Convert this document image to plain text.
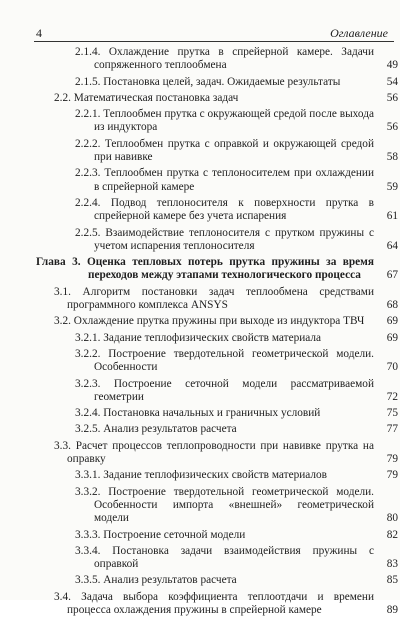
4	Оглавление
2.1.4. Охлаждение прутка в спрейерной камере. Задачи сопряженного теплообмена	49
2.1.5. Постановка целей, задач. Ожидаемые результаты	54
2.2. Математическая постановка задач	56
2.2.1. Теплообмен прутка с окружающей средой после выхода из индуктора	56
2.2.2. Теплообмен прутка с оправкой и окружающей средой при навивке	58
2.2.3. Теплообмен прутка с теплоносителем при охлаждении в спрейерной камере	59
2.2.4. Подвод теплоносителя к поверхности прутка в спрейерной камере без учета испарения	61
2.2.5. Взаимодействие теплоносителя с прутком пружины с учетом испарения теплоносителя	64
Глава 3. Оценка тепловых потерь прутка пружины за время переходов между этапами технологического процесса	67
3.1. Алгоритм постановки задач теплообмена средствами программного комплекса ANSYS	68
3.2. Охлаждение прутка пружины при выходе из индуктора ТВЧ	69
3.2.1. Задание теплофизических свойств материала	69
3.2.2. Построение твердотельной геометрической модели. Особенности	70
3.2.3. Построение сеточной модели рассматриваемой геометрии	72
3.2.4. Постановка начальных и граничных условий	75
3.2.5. Анализ результатов расчета	77
3.3. Расчет процессов теплопроводности при навивке прутка на оправку	79
3.3.1. Задание теплофизических свойств материалов	79
3.3.2. Построение твердотельной геометрической модели. Особенности импорта «внешней» геометрической модели	80
3.3.3. Построение сеточной модели	82
3.3.4. Постановка задачи взаимодействия пружины с оправкой	83
3.3.5. Анализ результатов расчета	85
3.4. Задача выбора коэффициента теплоотдачи и времени процесса охлаждения пружины в спрейерной камере	89
